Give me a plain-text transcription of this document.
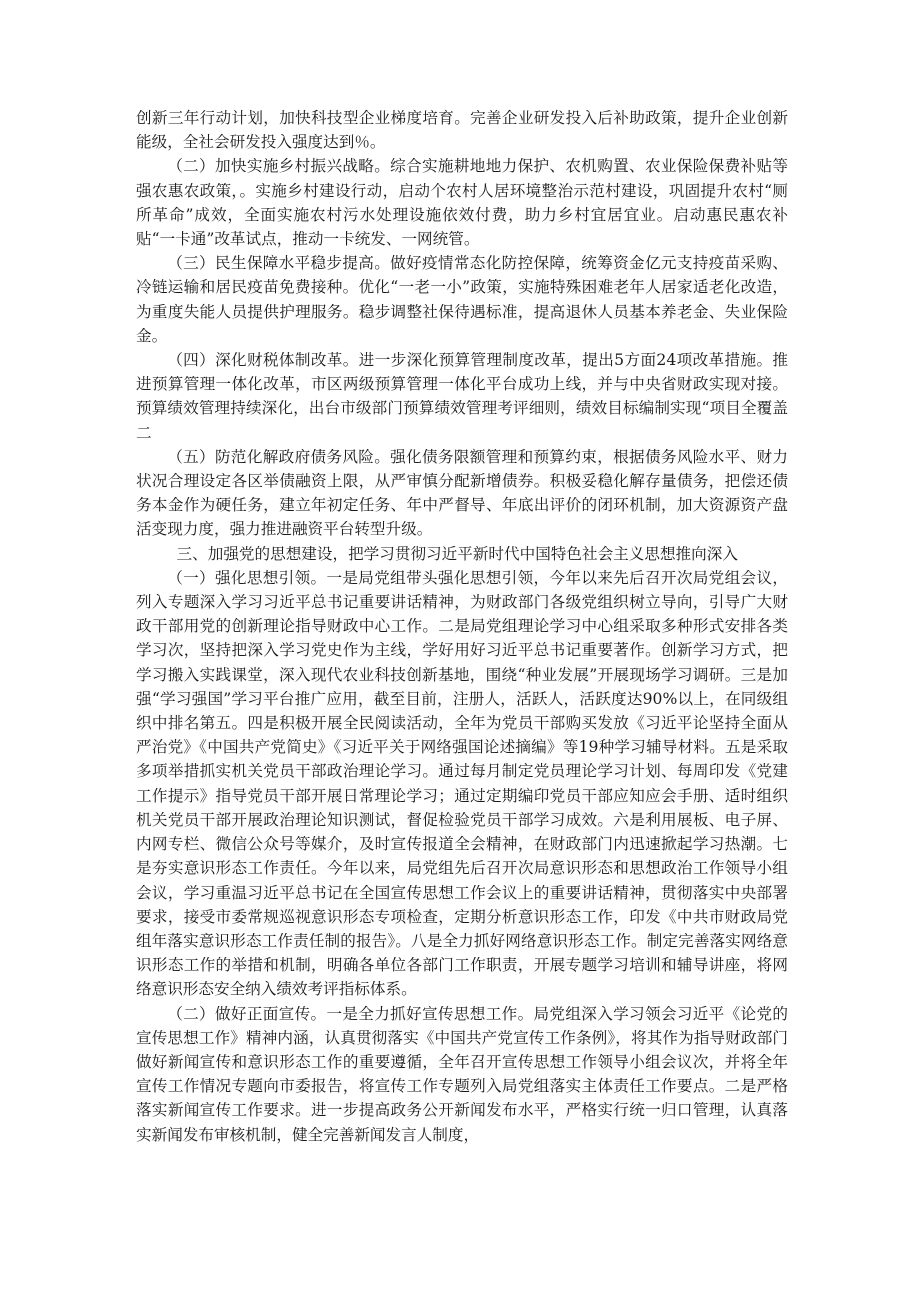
创新三年行动计划，加快科技型企业梯度培育。完善企业研发投入后补助政策，提升企业创新能级，全社会研发投入强度达到％。

（二）加快实施乡村振兴战略。综合实施耕地地力保护、农机购置、农业保险保费补贴等强农惠农政策，。实施乡村建设行动，启动个农村人居环境整治示范村建设，巩固提升农村“厕所革命”成效，全面实施农村污水处理设施依效付费，助力乡村宜居宜业。启动惠民惠农补贴“一卡通”改革试点，推动一卡统发、一网统管。

（三）民生保障水平稳步提高。做好疫情常态化防控保障，统筹资金亿元支持疫苗采购、冷链运输和居民疫苗免费接种。优化“一老一小”政策，实施特殊困难老年人居家适老化改造，为重度失能人员提供护理服务。稳步调整社保待遇标准，提高退休人员基本养老金、失业保险金。

（四）深化财税体制改革。进一步深化预算管理制度改革，提出5方面24项改革措施。推进预算管理一体化改革，市区两级预算管理一体化平台成功上线，并与中央省财政实现对接。预算绩效管理持续深化，出台市级部门预算绩效管理考评细则，绩效目标编制实现“项目全覆盖二

（五）防范化解政府债务风险。强化债务限额管理和预算约束，根据债务风险水平、财力状况合理设定各区举债融资上限，从严审慎分配新增债券。积极妥稳化解存量债务，把偿还债务本金作为硬任务，建立年初定任务、年中严督导、年底出评价的闭环机制，加大资源资产盘活变现力度，强力推进融资平台转型升级。

三、加强党的思想建设，把学习贯彻习近平新时代中国特色社会主义思想推向深入

（一）强化思想引领。一是局党组带头强化思想引领，今年以来先后召开次局党组会议，列入专题深入学习习近平总书记重要讲话精神，为财政部门各级党组织树立导向，引导广大财政干部用党的创新理论指导财政中心工作。二是局党组理论学习中心组采取多种形式安排各类学习次，坚持把深入学习党史作为主线，学好用好习近平总书记重要著作。创新学习方式，把学习搬入实践课堂，深入现代农业科技创新基地，围绕“种业发展”开展现场学习调研。三是加强“学习强国”学习平台推广应用，截至目前，注册人，活跃人，活跃度达90%以上，在同级组织中排名第五。四是积极开展全民阅读活动，全年为党员干部购买发放《习近平论坚持全面从严治党》《中国共产党简史》《习近平关于网络强国论述摘编》等19种学习辅导材料。五是采取多项举措抓实机关党员干部政治理论学习。通过每月制定党员理论学习计划、每周印发《党建工作提示》指导党员干部开展日常理论学习；通过定期编印党员干部应知应会手册、适时组织机关党员干部开展政治理论知识测试，督促检验党员干部学习成效。六是利用展板、电子屏、内网专栏、微信公众号等媒介，及时宣传报道全会精神，在财政部门内迅速掀起学习热潮。七是夯实意识形态工作责任。今年以来，局党组先后召开次局意识形态和思想政治工作领导小组会议，学习重温习近平总书记在全国宣传思想工作会议上的重要讲话精神，贯彻落实中央部署要求，接受市委常规巡视意识形态专项检查，定期分析意识形态工作，印发《中共市财政局党组年落实意识形态工作责任制的报告》。八是全力抓好网络意识形态工作。制定完善落实网络意识形态工作的举措和机制，明确各单位各部门工作职责，开展专题学习培训和辅导讲座，将网络意识形态安全纳入绩效考评指标体系。

（二）做好正面宣传。一是全力抓好宣传思想工作。局党组深入学习领会习近平《论党的宣传思想工作》精神内涵，认真贯彻落实《中国共产党宣传工作条例》，将其作为指导财政部门做好新闻宣传和意识形态工作的重要遵循，全年召开宣传思想工作领导小组会议次，并将全年宣传工作情况专题向市委报告，将宣传工作专题列入局党组落实主体责任工作要点。二是严格落实新闻宣传工作要求。进一步提高政务公开新闻发布水平，严格实行统一归口管理，认真落实新闻发布审核机制，健全完善新闻发言人制度，
